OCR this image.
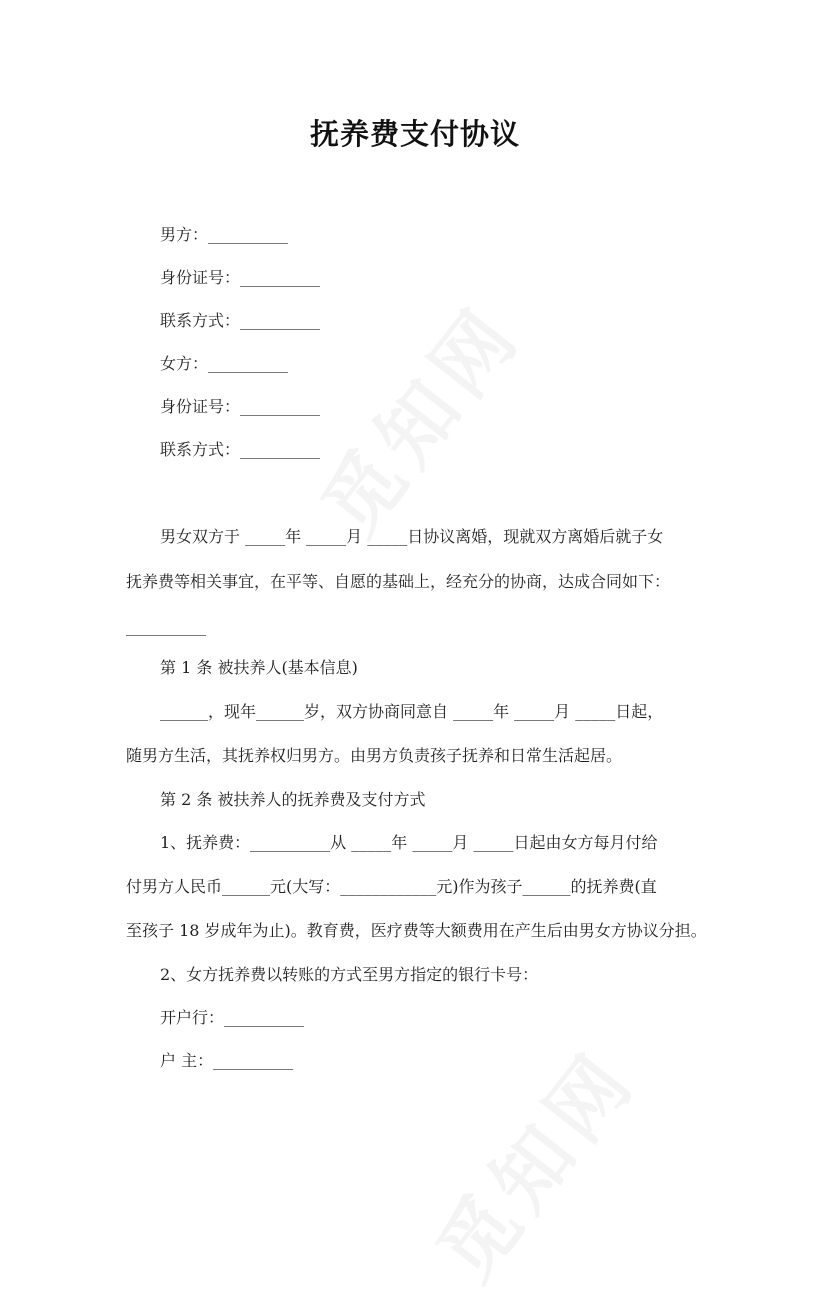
抚养费支付协议
男方：__________
身份证号：__________
联系方式：__________
女方：__________
身份证号：__________
联系方式：__________
男女双方于 _____年 _____月 _____日协议离婚，现就双方离婚后就子女
抚养费等相关事宜，在平等、自愿的基础上，经充分的协商，达成合同如下：
__________
第 1 条 被扶养人(基本信息)
______，现年______岁，双方协商同意自 _____年 _____月 _____日起，
随男方生活，其抚养权归男方。由男方负责孩子抚养和日常生活起居。
第 2 条 被扶养人的抚养费及支付方式
1、抚养费：__________从 _____年 _____月 _____日起由女方每月付给
付男方人民币______元(大写：____________元)作为孩子______的抚养费(直
至孩子 18 岁成年为止)。教育费，医疗费等大额费用在产生后由男女方协议分担。
2、女方抚养费以转账的方式至男方指定的银行卡号：
开户行：__________
户 主：__________
